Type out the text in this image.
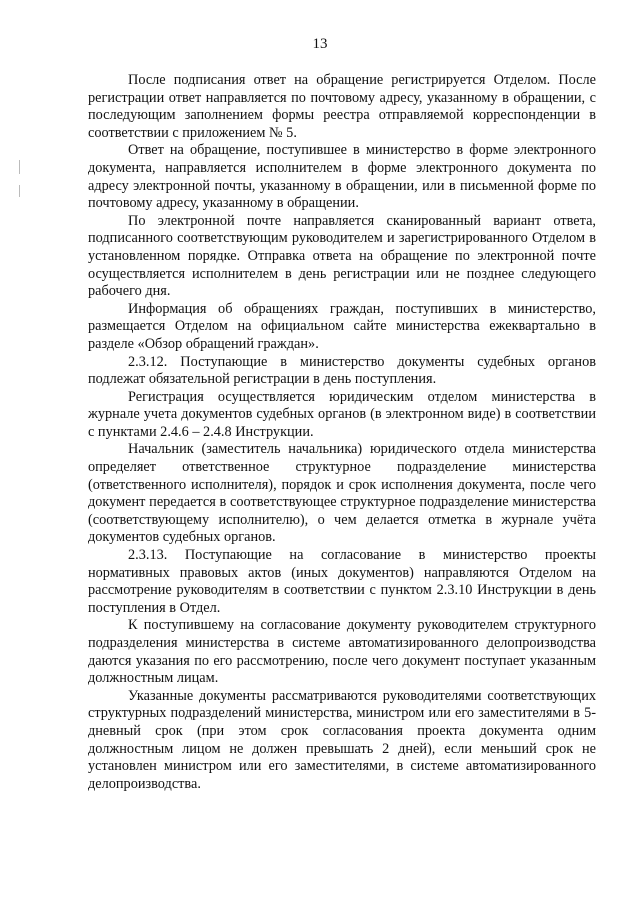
13

После подписания ответ на обращение регистрируется Отделом. После регистрации ответ направляется по почтовому адресу, указанному в обращении, с последующим заполнением формы реестра отправляемой корреспонденции в соответствии с приложением № 5.

Ответ на обращение, поступившее в министерство в форме электронного документа, направляется исполнителем в форме электронного документа по адресу электронной почты, указанному в обращении, или в письменной форме по почтовому адресу, указанному в обращении.

По электронной почте направляется сканированный вариант ответа, подписанного соответствующим руководителем и зарегистрированного Отделом в установленном порядке. Отправка ответа на обращение по электронной почте осуществляется исполнителем в день регистрации или не позднее следующего рабочего дня.

Информация об обращениях граждан, поступивших в министерство, размещается Отделом на официальном сайте министерства ежеквартально в разделе «Обзор обращений граждан».

2.3.12. Поступающие в министерство документы судебных органов подлежат обязательной регистрации в день поступления.

Регистрация осуществляется юридическим отделом министерства в журнале учета документов судебных органов (в электронном виде) в соответствии с пунктами 2.4.6 – 2.4.8 Инструкции.

Начальник (заместитель начальника) юридического отдела министерства определяет ответственное структурное подразделение министерства (ответственного исполнителя), порядок и срок исполнения документа, после чего документ передается в соответствующее структурное подразделение министерства (соответствующему исполнителю), о чем делается отметка в журнале учёта документов судебных органов.

2.3.13. Поступающие на согласование в министерство проекты нормативных правовых актов (иных документов) направляются Отделом на рассмотрение руководителям в соответствии с пунктом 2.3.10 Инструкции в день поступления в Отдел.

К поступившему на согласование документу руководителем структурного подразделения министерства в системе автоматизированного делопроизводства даются указания по его рассмотрению, после чего документ поступает указанным должностным лицам.

Указанные документы рассматриваются руководителями соответствующих структурных подразделений министерства, министром или его заместителями в 5-дневный срок (при этом срок согласования проекта документа одним должностным лицом не должен превышать 2 дней), если меньший срок не установлен министром или его заместителями, в системе автоматизированного делопроизводства.
